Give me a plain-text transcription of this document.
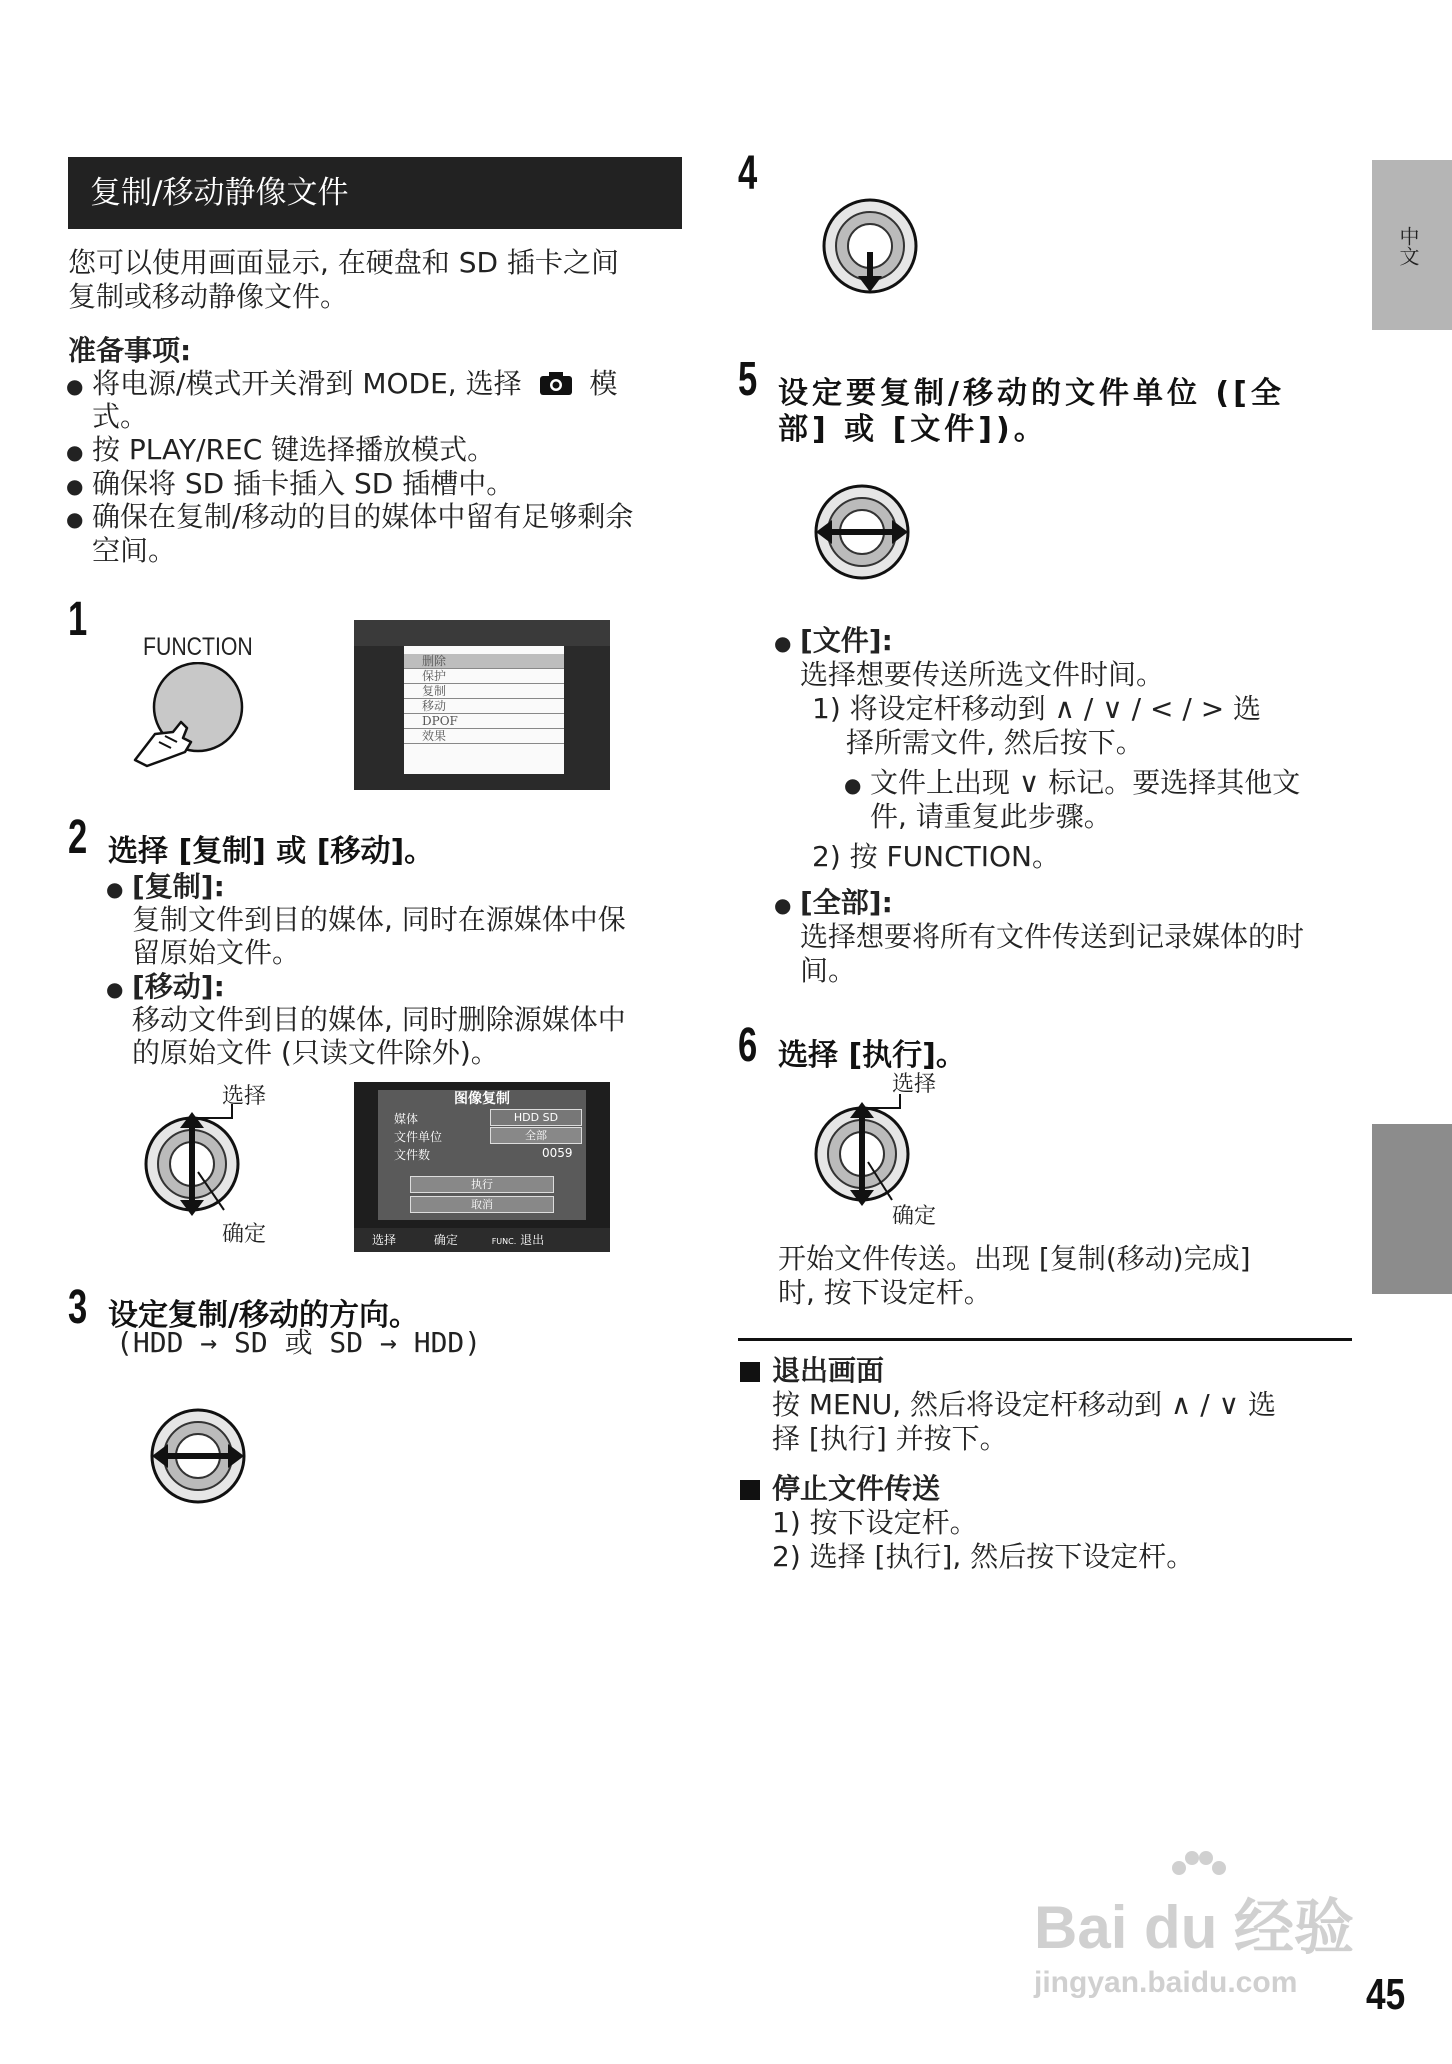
复制/移动静像文件
您可以使用画面显示, 在硬盘和 SD 插卡之间
复制或移动静像文件。
准备事项:
● 将电源/模式开关滑到 MODE, 选择 模
式。
● 按 PLAY/REC 键选择播放模式。
● 确保将 SD 插卡插入 SD 插槽中。
● 确保在复制/移动的目的媒体中留有足够剩余
空间。
1
FUNCTION	删除
保护
复制
移动
DPOF
效果
2 选择 [复制] 或 [移动]。
● [复制]:
复制文件到目的媒体, 同时在源媒体中保
留原始文件。
● [移动]:
移动文件到目的媒体, 同时删除源媒体中
的原始文件 (只读文件除外)。
选择
确定
图像复制
媒体	HDD SD
文件单位	全部
文件数	0059
执行
取消
选择	确定	FUNC. 退出
3 设定复制/移动的方向。
(HDD → SD 或 SD → HDD)
4
中文
5 设定要复制/移动的文件单位 ([全
部] 或 [文件])。
● [文件]:
选择想要传送所选文件时间。
1) 将设定杆移动到 ∧ / ∨ / < / > 选
择所需文件, 然后按下。
● 文件上出现 ∨ 标记。要选择其他文
件, 请重复此步骤。
2) 按 FUNCTION。
● [全部]:
选择想要将所有文件传送到记录媒体的时
间。
6 选择 [执行]。
选择
确定
开始文件传送。出现 [复制(移动)完成]
时, 按下设定杆。
退出画面
按 MENU, 然后将设定杆移动到 ∧ / ∨ 选
择 [执行] 并按下。
停止文件传送
1) 按下设定杆。
2) 选择 [执行], 然后按下设定杆。
Bai du 经验
jingyan.baidu.com 45
